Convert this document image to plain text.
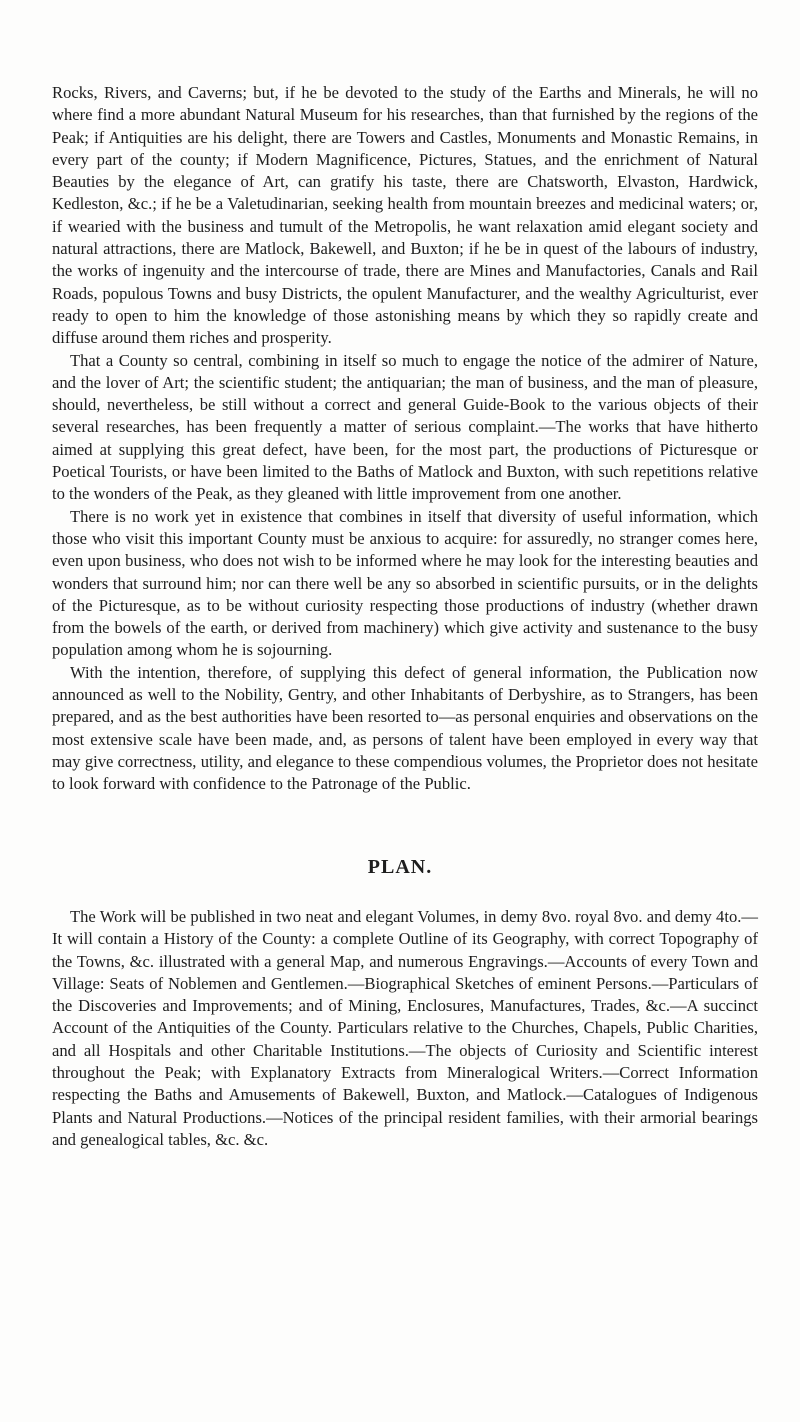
Rocks, Rivers, and Caverns; but, if he be devoted to the study of the Earths and Minerals, he will no where find a more abundant Natural Museum for his researches, than that furnished by the regions of the Peak; if Antiquities are his delight, there are Towers and Castles, Monuments and Monastic Remains, in every part of the county; if Modern Magnificence, Pictures, Statues, and the enrichment of Natural Beauties by the elegance of Art, can gratify his taste, there are Chatsworth, Elvaston, Hardwick, Kedleston, &c.; if he be a Valetudinarian, seeking health from mountain breezes and medicinal waters; or, if wearied with the business and tumult of the Metropolis, he want relaxation amid elegant society and natural attractions, there are Matlock, Bakewell, and Buxton; if he be in quest of the labours of industry, the works of ingenuity and the intercourse of trade, there are Mines and Manufactories, Canals and Rail Roads, populous Towns and busy Districts, the opulent Manufacturer, and the wealthy Agriculturist, ever ready to open to him the knowledge of those astonishing means by which they so rapidly create and diffuse around them riches and prosperity.

That a County so central, combining in itself so much to engage the notice of the admirer of Nature, and the lover of Art; the scientific student; the antiquarian; the man of business, and the man of pleasure, should, nevertheless, be still without a correct and general Guide-Book to the various objects of their several researches, has been frequently a matter of serious complaint.—The works that have hitherto aimed at supplying this great defect, have been, for the most part, the productions of Picturesque or Poetical Tourists, or have been limited to the Baths of Matlock and Buxton, with such repetitions relative to the wonders of the Peak, as they gleaned with little improvement from one another.

There is no work yet in existence that combines in itself that diversity of useful information, which those who visit this important County must be anxious to acquire: for assuredly, no stranger comes here, even upon business, who does not wish to be informed where he may look for the interesting beauties and wonders that surround him; nor can there well be any so absorbed in scientific pursuits, or in the delights of the Picturesque, as to be without curiosity respecting those productions of industry (whether drawn from the bowels of the earth, or derived from machinery) which give activity and sustenance to the busy population among whom he is sojourning.

With the intention, therefore, of supplying this defect of general information, the Publication now announced as well to the Nobility, Gentry, and other Inhabitants of Derbyshire, as to Strangers, has been prepared, and as the best authorities have been resorted to—as personal enquiries and observations on the most extensive scale have been made, and, as persons of talent have been employed in every way that may give correctness, utility, and elegance to these compendious volumes, the Proprietor does not hesitate to look forward with confidence to the Patronage of the Public.

PLAN.

The Work will be published in two neat and elegant Volumes, in demy 8vo. royal 8vo. and demy 4to.—It will contain a History of the County: a complete Outline of its Geography, with correct Topography of the Towns, &c. illustrated with a general Map, and numerous Engravings.—Accounts of every Town and Village: Seats of Noblemen and Gentlemen.—Biographical Sketches of eminent Persons.—Particulars of the Discoveries and Improvements; and of Mining, Enclosures, Manufactures, Trades, &c.—A succinct Account of the Antiquities of the County. Particulars relative to the Churches, Chapels, Public Charities, and all Hospitals and other Charitable Institutions.—The objects of Curiosity and Scientific interest throughout the Peak; with Explanatory Extracts from Mineralogical Writers.—Correct Information respecting the Baths and Amusements of Bakewell, Buxton, and Matlock.—Catalogues of Indigenous Plants and Natural Productions.—Notices of the principal resident families, with their armorial bearings and genealogical tables, &c. &c.
